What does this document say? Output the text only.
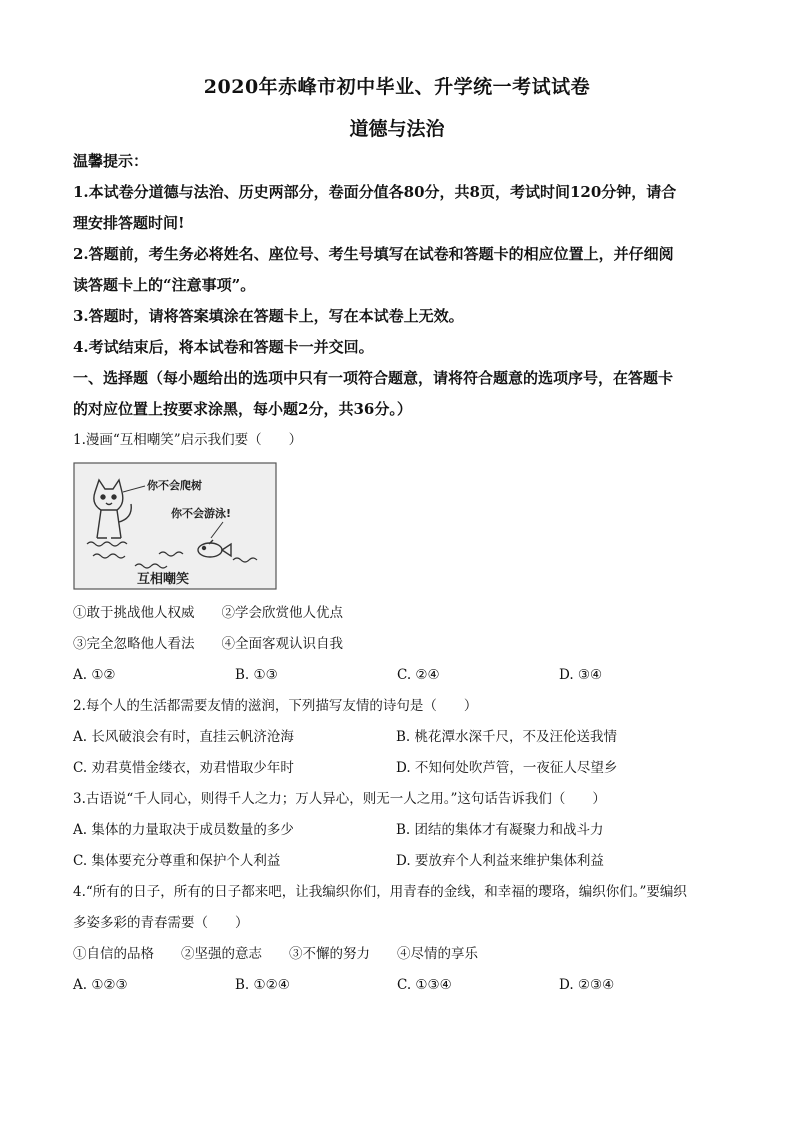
2020年赤峰市初中毕业、升学统一考试试卷
道德与法治

温馨提示：

1.本试卷分道德与法治、历史两部分，卷面分值各80分，共8页，考试时间120分钟，请合

理安排答题时间!

2.答题前，考生务必将姓名、座位号、考生号填写在试卷和答题卡的相应位置上，并仔细阅

读答题卡上的“注意事项”。

3.答题时，请将答案填涂在答题卡上，写在本试卷上无效。

4.考试结束后，将本试卷和答题卡一并交回。

一、选择题（每小题给出的选项中只有一项符合题意，请将符合题意的选项序号，在答题卡

的对应位置上按要求涂黑，每小题2分，共36分。）

1.漫画“互相嘲笑”启示我们要（　　）

你不会爬树
你不会游泳!
互相嘲笑

①敢于挑战他人权威　　②学会欣赏他人优点

③完全忽略他人看法　　④全面客观认识自我

A. ①②	B. ①③	C. ②④	D. ③④

2.每个人的生活都需要友情的滋润，下列描写友情的诗句是（　　）

A. 长风破浪会有时，直挂云帆济沧海	B. 桃花潭水深千尺，不及汪伦送我情
C. 劝君莫惜金缕衣，劝君惜取少年时	D. 不知何处吹芦管，一夜征人尽望乡

3.古语说“千人同心，则得千人之力；万人异心，则无一人之用。”这句话告诉我们（　　）

A. 集体的力量取决于成员数量的多少	B. 团结的集体才有凝聚力和战斗力
C. 集体要充分尊重和保护个人利益	D. 要放弃个人利益来维护集体利益

4.“所有的日子，所有的日子都来吧，让我编织你们，用青春的金线，和幸福的璎珞，编织你们。”要编织

多姿多彩的青春需要（　　）

①自信的品格　　②坚强的意志　　③不懈的努力　　④尽情的享乐

A. ①②③	B. ①②④	C. ①③④	D. ②③④
